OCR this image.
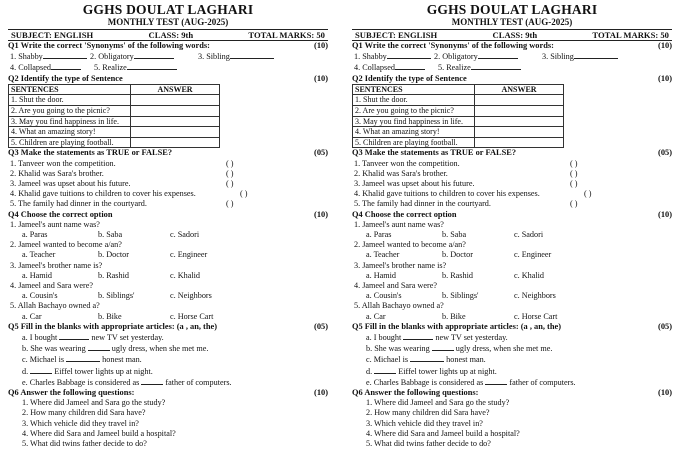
GGHS DOULAT LAGHARI
MONTHLY TEST (AUG-2025)
SUBJECT: ENGLISH	CLASS: 9th	TOTAL MARKS: 50
Q1 Write the correct 'Synonyms' of the following words:	(10)
1. Shabby	2. Obligatory	3. Sibling
4. Collapsed	5. Realize
Q2 Identify the type of Sentence	(10)
SENTENCES	ANSWER
1. Shut the door.	
2. Are you going to the picnic?	
3. May you find happiness in life.	
4. What an amazing story!	
5. Children are playing football.	
Q3 Make the statements as TRUE or FALSE?	(05)
1. Tanveer won the competition.	( )
2. Khalid was Sara's brother.	( )
3. Jameel was upset about his future.	( )
4. Khalid gave tuitions to children to cover his expenses.	( )
5. The family had dinner in the courtyard.	( )
Q4 Choose the correct option	(10)
1. Jameel's aunt name was?
a. Paras	b. Saba	c. Sadori
2. Jameel wanted to become a/an?
a. Teacher	b. Doctor	c. Engineer
3. Jameel's brother name is?
a. Hamid	b. Rashid	c. Khalid
4. Jameel and Sara were?
a. Cousin's	b. Siblings'	c. Neighbors
5. Allah Bachayo owned a?
a. Car	b. Bike	c. Horse Cart
Q5 Fill in the blanks with appropriate articles: (a , an, the)	(05)
a. I bought	new TV set yesterday.
b. She was wearing	ugly dress, when she met me.
c. Michael is	honest man.
d.	Eiffel tower lights up at night.
e. Charles Babbage is considered as	father of computers.
Q6 Answer the following questions:	(10)
1. Where did Jameel and Sara go the study?
2. How many children did Sara have?
3. Which vehicle did they travel in?
4. Where did Sara and Jameel build a hospital?
5. What did twins father decide to do?
GGHS DOULAT LAGHARI
MONTHLY TEST (AUG-2025)
SUBJECT: ENGLISH	CLASS: 9th	TOTAL MARKS: 50
Q1 Write the correct 'Synonyms' of the following words:	(10)
1. Shabby	2. Obligatory	3. Sibling
4. Collapsed	5. Realize
Q2 Identify the type of Sentence	(10)
SENTENCES	ANSWER
1. Shut the door.	
2. Are you going to the picnic?	
3. May you find happiness in life.	
4. What an amazing story!	
5. Children are playing football.	
Q3 Make the statements as TRUE or FALSE?	(05)
1. Tanveer won the competition.	( )
2. Khalid was Sara's brother.	( )
3. Jameel was upset about his future.	( )
4. Khalid gave tuitions to children to cover his expenses.	( )
5. The family had dinner in the courtyard.	( )
Q4 Choose the correct option	(10)
1. Jameel's aunt name was?
a. Paras	b. Saba	c. Sadori
2. Jameel wanted to become a/an?
a. Teacher	b. Doctor	c. Engineer
3. Jameel's brother name is?
a. Hamid	b. Rashid	c. Khalid
4. Jameel and Sara were?
a. Cousin's	b. Siblings'	c. Neighbors
5. Allah Bachayo owned a?
a. Car	b. Bike	c. Horse Cart
Q5 Fill in the blanks with appropriate articles: (a , an, the)	(05)
a. I bought	new TV set yesterday.
b. She was wearing	ugly dress, when she met me.
c. Michael is	honest man.
d.	Eiffel tower lights up at night.
e. Charles Babbage is considered as	father of computers.
Q6 Answer the following questions:	(10)
1. Where did Jameel and Sara go the study?
2. How many children did Sara have?
3. Which vehicle did they travel in?
4. Where did Sara and Jameel build a hospital?
5. What did twins father decide to do?
